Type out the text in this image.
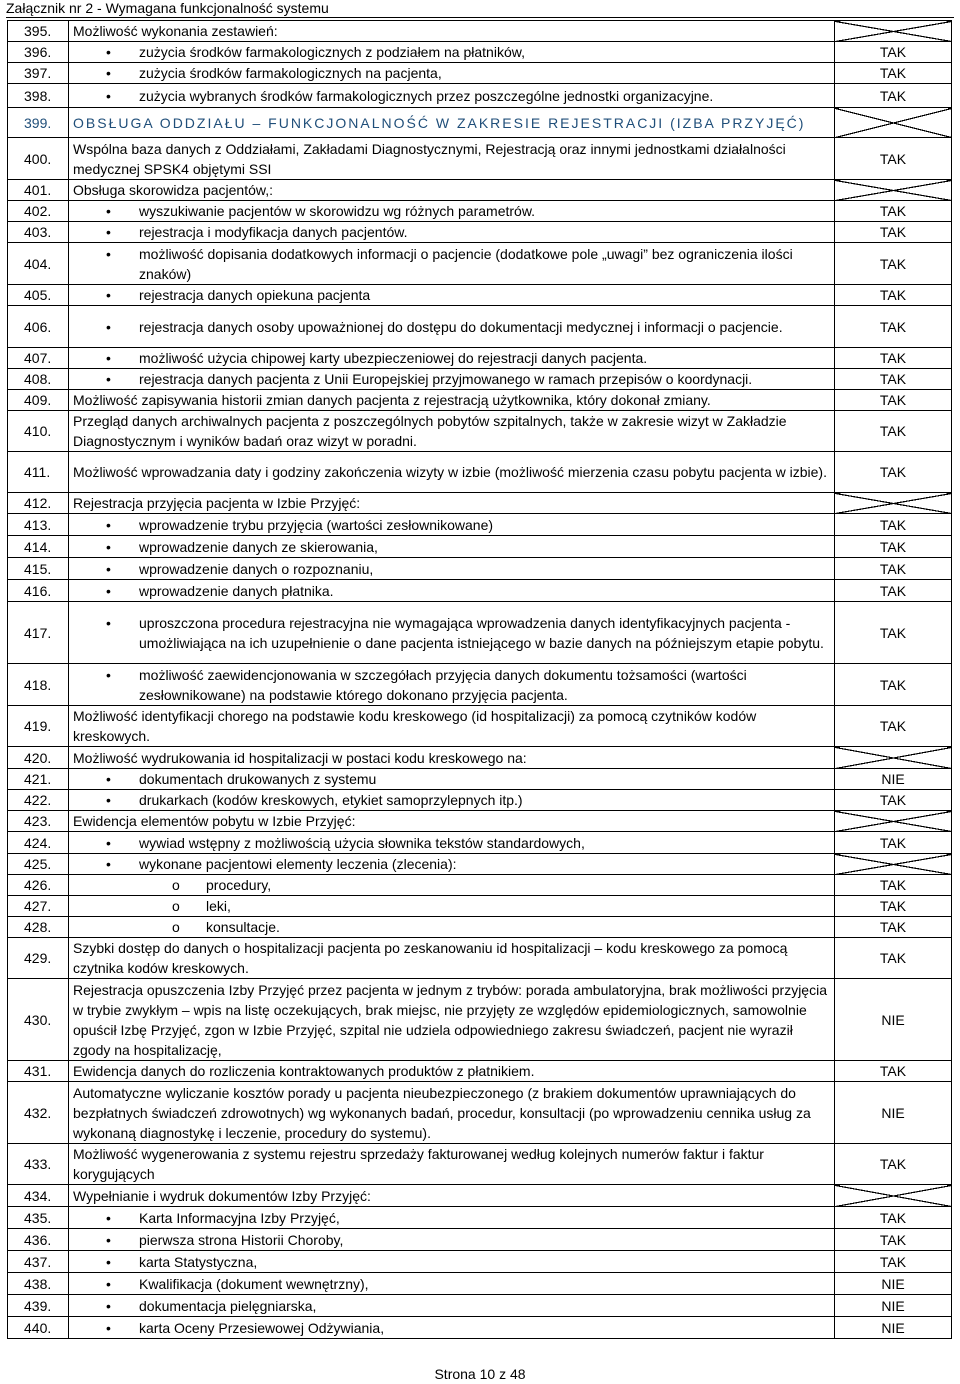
Załącznik nr 2 - Wymagana funkcjonalność systemu
395.	Możliwość wykonania zestawień:	
396.	• zużycia środków farmakologicznych z podziałem na płatników,	TAK
397.	• zużycia środków farmakologicznych na pacjenta,	TAK
398.	• zużycia wybranych środków farmakologicznych przez poszczególne jednostki organizacyjne.	TAK
399.	OBSŁUGA ODDZIAŁU – FUNKCJONALNOŚĆ W ZAKRESIE REJESTRACJI (IZBA PRZYJĘĆ)	
400.	Wspólna baza danych z Oddziałami, Zakładami Diagnostycznymi, Rejestracją oraz innymi jednostkami działalności medycznej SPSK4 objętymi SSI	TAK
401.	Obsługa skorowidza pacjentów,:	
402.	• wyszukiwanie pacjentów w skorowidzu wg różnych parametrów.	TAK
403.	• rejestracja i modyfikacja danych pacjentów.	TAK
404.	• możliwość dopisania dodatkowych informacji o pacjencie (dodatkowe pole „uwagi” bez ograniczenia ilości znaków)	TAK
405.	• rejestracja danych opiekuna pacjenta	TAK
406.	• rejestracja danych osoby upoważnionej do dostępu do dokumentacji medycznej i informacji o pacjencie.	TAK
407.	• możliwość użycia chipowej karty ubezpieczeniowej do rejestracji danych pacjenta.	TAK
408.	• rejestracja danych pacjenta z Unii Europejskiej przyjmowanego w ramach przepisów o koordynacji.	TAK
409.	Możliwość zapisywania historii zmian danych pacjenta z rejestracją użytkownika, który dokonał zmiany.	TAK
410.	Przegląd danych archiwalnych pacjenta z poszczególnych pobytów szpitalnych, także w zakresie wizyt w Zakładzie Diagnostycznym i wyników badań oraz wizyt w poradni.	TAK
411.	Możliwość wprowadzania daty i godziny zakończenia wizyty w izbie (możliwość mierzenia czasu pobytu pacjenta w izbie).	TAK
412.	Rejestracja przyjęcia pacjenta w Izbie Przyjęć:	
413.	• wprowadzenie trybu przyjęcia (wartości zesłownikowane)	TAK
414.	• wprowadzenie danych ze skierowania,	TAK
415.	• wprowadzenie danych o rozpoznaniu,	TAK
416.	• wprowadzenie danych płatnika.	TAK
417.	• uproszczona procedura rejestracyjna nie wymagająca wprowadzenia danych identyfikacyjnych pacjenta - umożliwiająca na ich uzupełnienie o dane pacjenta istniejącego w bazie danych na późniejszym etapie pobytu.	TAK
418.	• możliwość zaewidencjonowania w szczegółach przyjęcia danych dokumentu tożsamości (wartości zesłownikowane) na podstawie którego dokonano przyjęcia pacjenta.	TAK
419.	Możliwość identyfikacji chorego na podstawie kodu kreskowego (id hospitalizacji) za pomocą czytników kodów kreskowych.	TAK
420.	Możliwość wydrukowania id hospitalizacji w postaci kodu kreskowego na:	
421.	• dokumentach drukowanych z systemu	NIE
422.	• drukarkach (kodów kreskowych, etykiet samoprzylepnych itp.)	TAK
423.	Ewidencja elementów pobytu w Izbie Przyjęć:	
424.	• wywiad wstępny z możliwością użycia słownika tekstów standardowych,	TAK
425.	• wykonane pacjentowi elementy leczenia (zlecenia):

426.	o procedury,	TAK
427.	o leki,	TAK
428.	o konsultacje.	TAK
429.	Szybki dostęp do danych o hospitalizacji pacjenta po zeskanowaniu id hospitalizacji – kodu kreskowego za pomocą czytnika kodów kreskowych.	TAK
430.	Rejestracja opuszczenia Izby Przyjęć przez pacjenta w jednym z trybów: porada ambulatoryjna, brak możliwości przyjęcia w trybie zwykłym – wpis na listę oczekujących, brak miejsc, nie przyjęty ze względów epidemiologicznych, samowolnie opuścił Izbę Przyjęć, zgon w Izbie Przyjęć, szpital nie udziela odpowiedniego zakresu świadczeń, pacjent nie wyraził zgody na hospitalizację,	NIE
431.	Ewidencja danych do rozliczenia kontraktowanych produktów z płatnikiem.	TAK
432.	Automatyczne wyliczanie kosztów porady u pacjenta nieubezpieczonego (z brakiem dokumentów uprawniających do bezpłatnych świadczeń zdrowotnych) wg wykonanych badań, procedur, konsultacji (po wprowadzeniu cennika usług za wykonaną diagnostykę i leczenie, procedury do systemu).	NIE
433.	Możliwość wygenerowania z systemu rejestru sprzedaży fakturowanej według kolejnych numerów faktur i faktur korygujących	TAK
434.	Wypełnianie i wydruk dokumentów Izby Przyjęć:	
435.	• Karta Informacyjna Izby Przyjęć,	TAK
436.	• pierwsza strona Historii Choroby,	TAK
437.	• karta Statystyczna,	TAK
438.	• Kwalifikacja (dokument wewnętrzny),	NIE
439.	• dokumentacja pielęgniarska,	NIE
440.	• karta Oceny Przesiewowej Odżywiania,	NIE
Strona 10 z 48
